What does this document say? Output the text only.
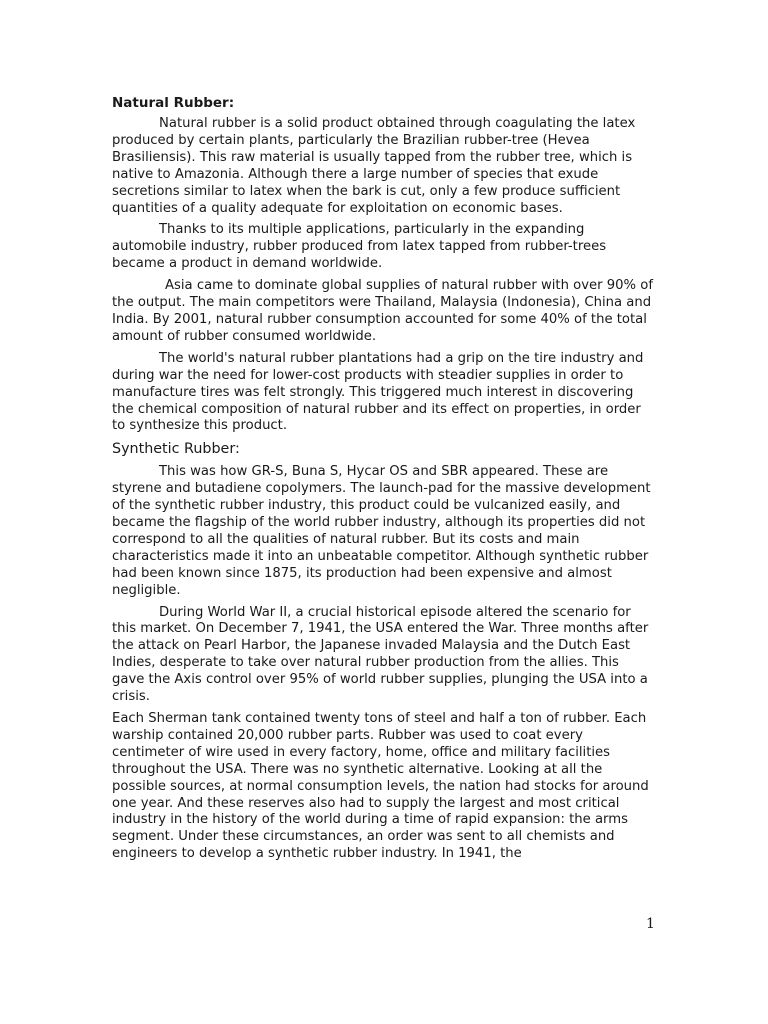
Natural Rubber:

Natural rubber is a solid product obtained through coagulating the latex produced by certain plants, particularly the Brazilian rubber-tree (Hevea Brasiliensis). This raw material is usually tapped from the rubber tree, which is native to Amazonia. Although there a large number of species that exude secretions similar to latex when the bark is cut, only a few produce sufficient quantities of a quality adequate for exploitation on economic bases.

Thanks to its multiple applications, particularly in the expanding automobile industry, rubber produced from latex tapped from rubber-trees became a product in demand worldwide.

Asia came to dominate global supplies of natural rubber with over 90% of the output. The main competitors were Thailand, Malaysia (Indonesia), China and India. By 2001, natural rubber consumption accounted for some 40% of the total amount of rubber consumed worldwide.

The world's natural rubber plantations had a grip on the tire industry and during war the need for lower-cost products with steadier supplies in order to manufacture tires was felt strongly. This triggered much interest in discovering the chemical composition of natural rubber and its effect on properties, in order to synthesize this product.

Synthetic Rubber:

This was how GR-S, Buna S, Hycar OS and SBR appeared. These are styrene and butadiene copolymers. The launch-pad for the massive development of the synthetic rubber industry, this product could be vulcanized easily, and became the flagship of the world rubber industry, although its properties did not correspond to all the qualities of natural rubber. But its costs and main characteristics made it into an unbeatable competitor. Although synthetic rubber had been known since 1875, its production had been expensive and almost negligible.

During World War II, a crucial historical episode altered the scenario for this market. On December 7, 1941, the USA entered the War. Three months after the attack on Pearl Harbor, the Japanese invaded Malaysia and the Dutch East Indies, desperate to take over natural rubber production from the allies. This gave the Axis control over 95% of world rubber supplies, plunging the USA into a crisis.

Each Sherman tank contained twenty tons of steel and half a ton of rubber. Each warship contained 20,000 rubber parts. Rubber was used to coat every centimeter of wire used in every factory, home, office and military facilities throughout the USA. There was no synthetic alternative. Looking at all the possible sources, at normal consumption levels, the nation had stocks for around one year. And these reserves also had to supply the largest and most critical industry in the history of the world during a time of rapid expansion: the arms segment. Under these circumstances, an order was sent to all chemists and engineers to develop a synthetic rubber industry. In 1941, the

1
